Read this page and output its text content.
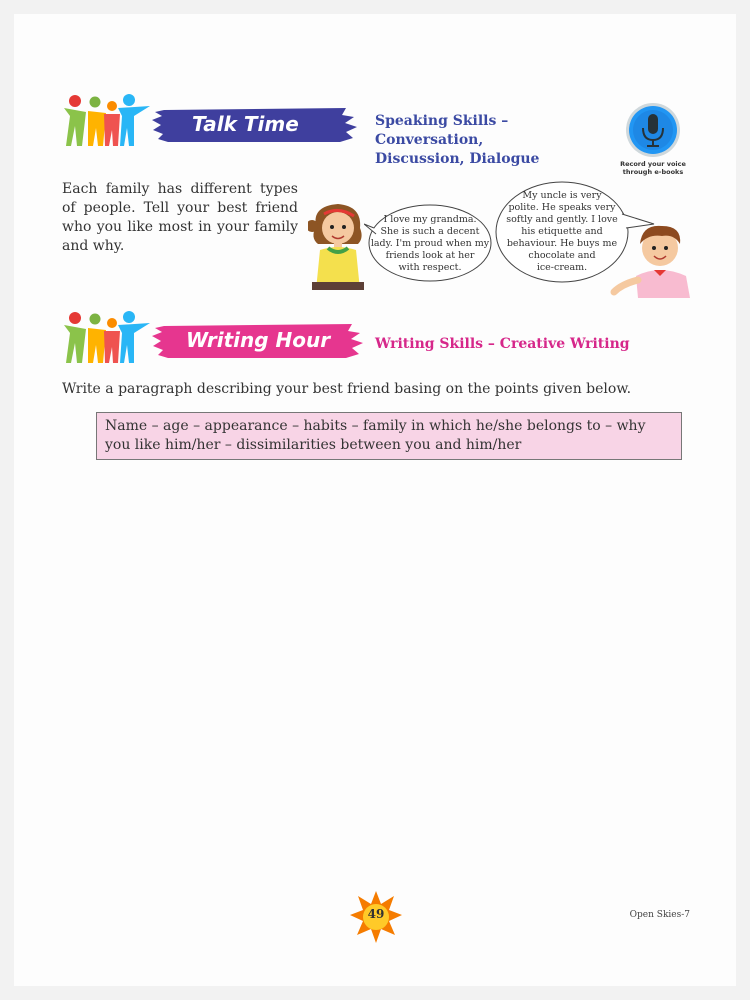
Talk Time	Speaking Skills –
Conversation,
Discussion, Dialogue	Record your voice
through e-books
Each family has different types of people. Tell your best friend who you like most in your family and why.
I love my grandma.
She is such a decent
lady. I'm proud when my
friends look at her
with respect.
My uncle is very
polite. He speaks very
softly and gently. I love
his etiquette and
behaviour. He buys me
chocolate and
ice-cream.
Writing Hour	Writing Skills – Creative Writing
Write a paragraph describing your best friend basing on the points given below.
Name – age – appearance – habits – family in which he/she belongs to – why you like him/her – dissimilarities between you and him/her
49	Open Skies-7
